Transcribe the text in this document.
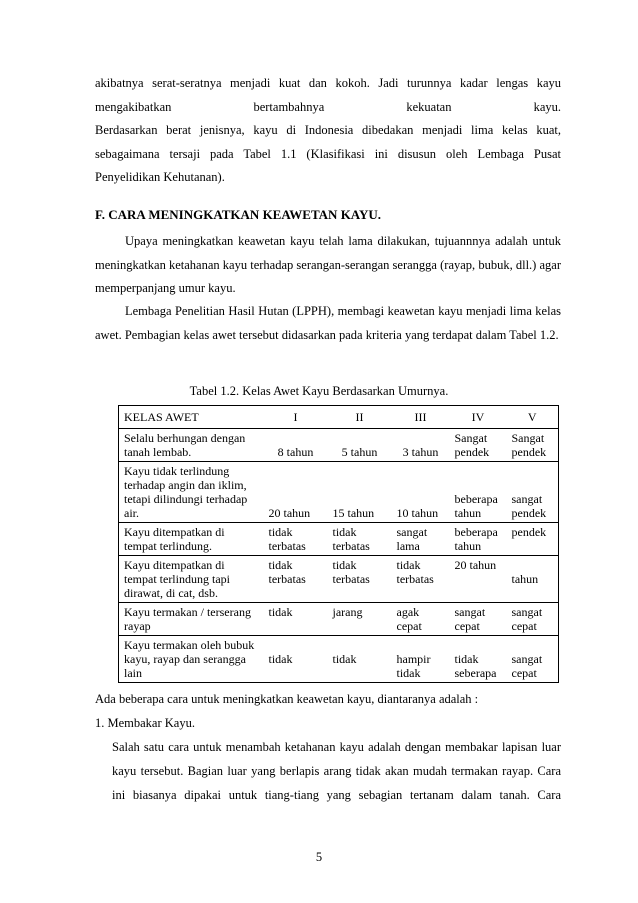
akibatnya serat-seratnya menjadi kuat dan kokoh. Jadi turunnya kadar lengas kayu mengakibatkan bertambahnya kekuatan kayu.
Berdasarkan berat jenisnya, kayu di Indonesia dibedakan menjadi lima kelas kuat, sebagaimana tersaji pada Tabel 1.1 (Klasifikasi ini disusun oleh Lembaga Pusat Penyelidikan Kehutanan).
F. CARA MENINGKATKAN KEAWETAN KAYU.
Upaya meningkatkan keawetan kayu telah lama dilakukan, tujuannnya adalah untuk meningkatkan ketahanan kayu terhadap serangan-serangan serangga (rayap, bubuk, dll.) agar memperpanjang umur kayu.
Lembaga Penelitian Hasil Hutan (LPPH), membagi keawetan kayu menjadi lima kelas awet. Pembagian kelas awet tersebut didasarkan pada kriteria yang terdapat dalam Tabel 1.2.
Tabel 1.2. Kelas Awet Kayu Berdasarkan Umurnya.
KELAS AWET	I	II	III	IV	V
Selalu berhungan dengan tanah lembab.	8 tahun	5 tahun	3 tahun	Sangat pendek	Sangat pendek
Kayu tidak terlindung terhadap angin dan iklim, tetapi dilindungi terhadap air.	20 tahun	15 tahun	10 tahun	beberapa tahun	sangat pendek
Kayu ditempatkan di tempat terlindung.	tidak terbatas	tidak terbatas	sangat lama	beberapa tahun	pendek
Kayu ditempatkan di tempat terlindung tapi dirawat, di cat, dsb.	tidak terbatas	tidak terbatas	tidak terbatas	20 tahun	tahun
Kayu termakan / terserang rayap	tidak	jarang	agak cepat	sangat cepat	sangat cepat
Kayu termakan oleh bubuk kayu, rayap dan serangga lain	tidak	tidak	hampir tidak	tidak seberapa	sangat cepat
Ada beberapa cara untuk meningkatkan keawetan kayu, diantaranya adalah :
1. Membakar Kayu.
Salah satu cara untuk menambah ketahanan kayu adalah dengan membakar lapisan luar kayu tersebut. Bagian luar yang berlapis arang tidak akan mudah termakan rayap. Cara ini biasanya dipakai untuk tiang-tiang yang sebagian tertanam dalam tanah. Cara
5
